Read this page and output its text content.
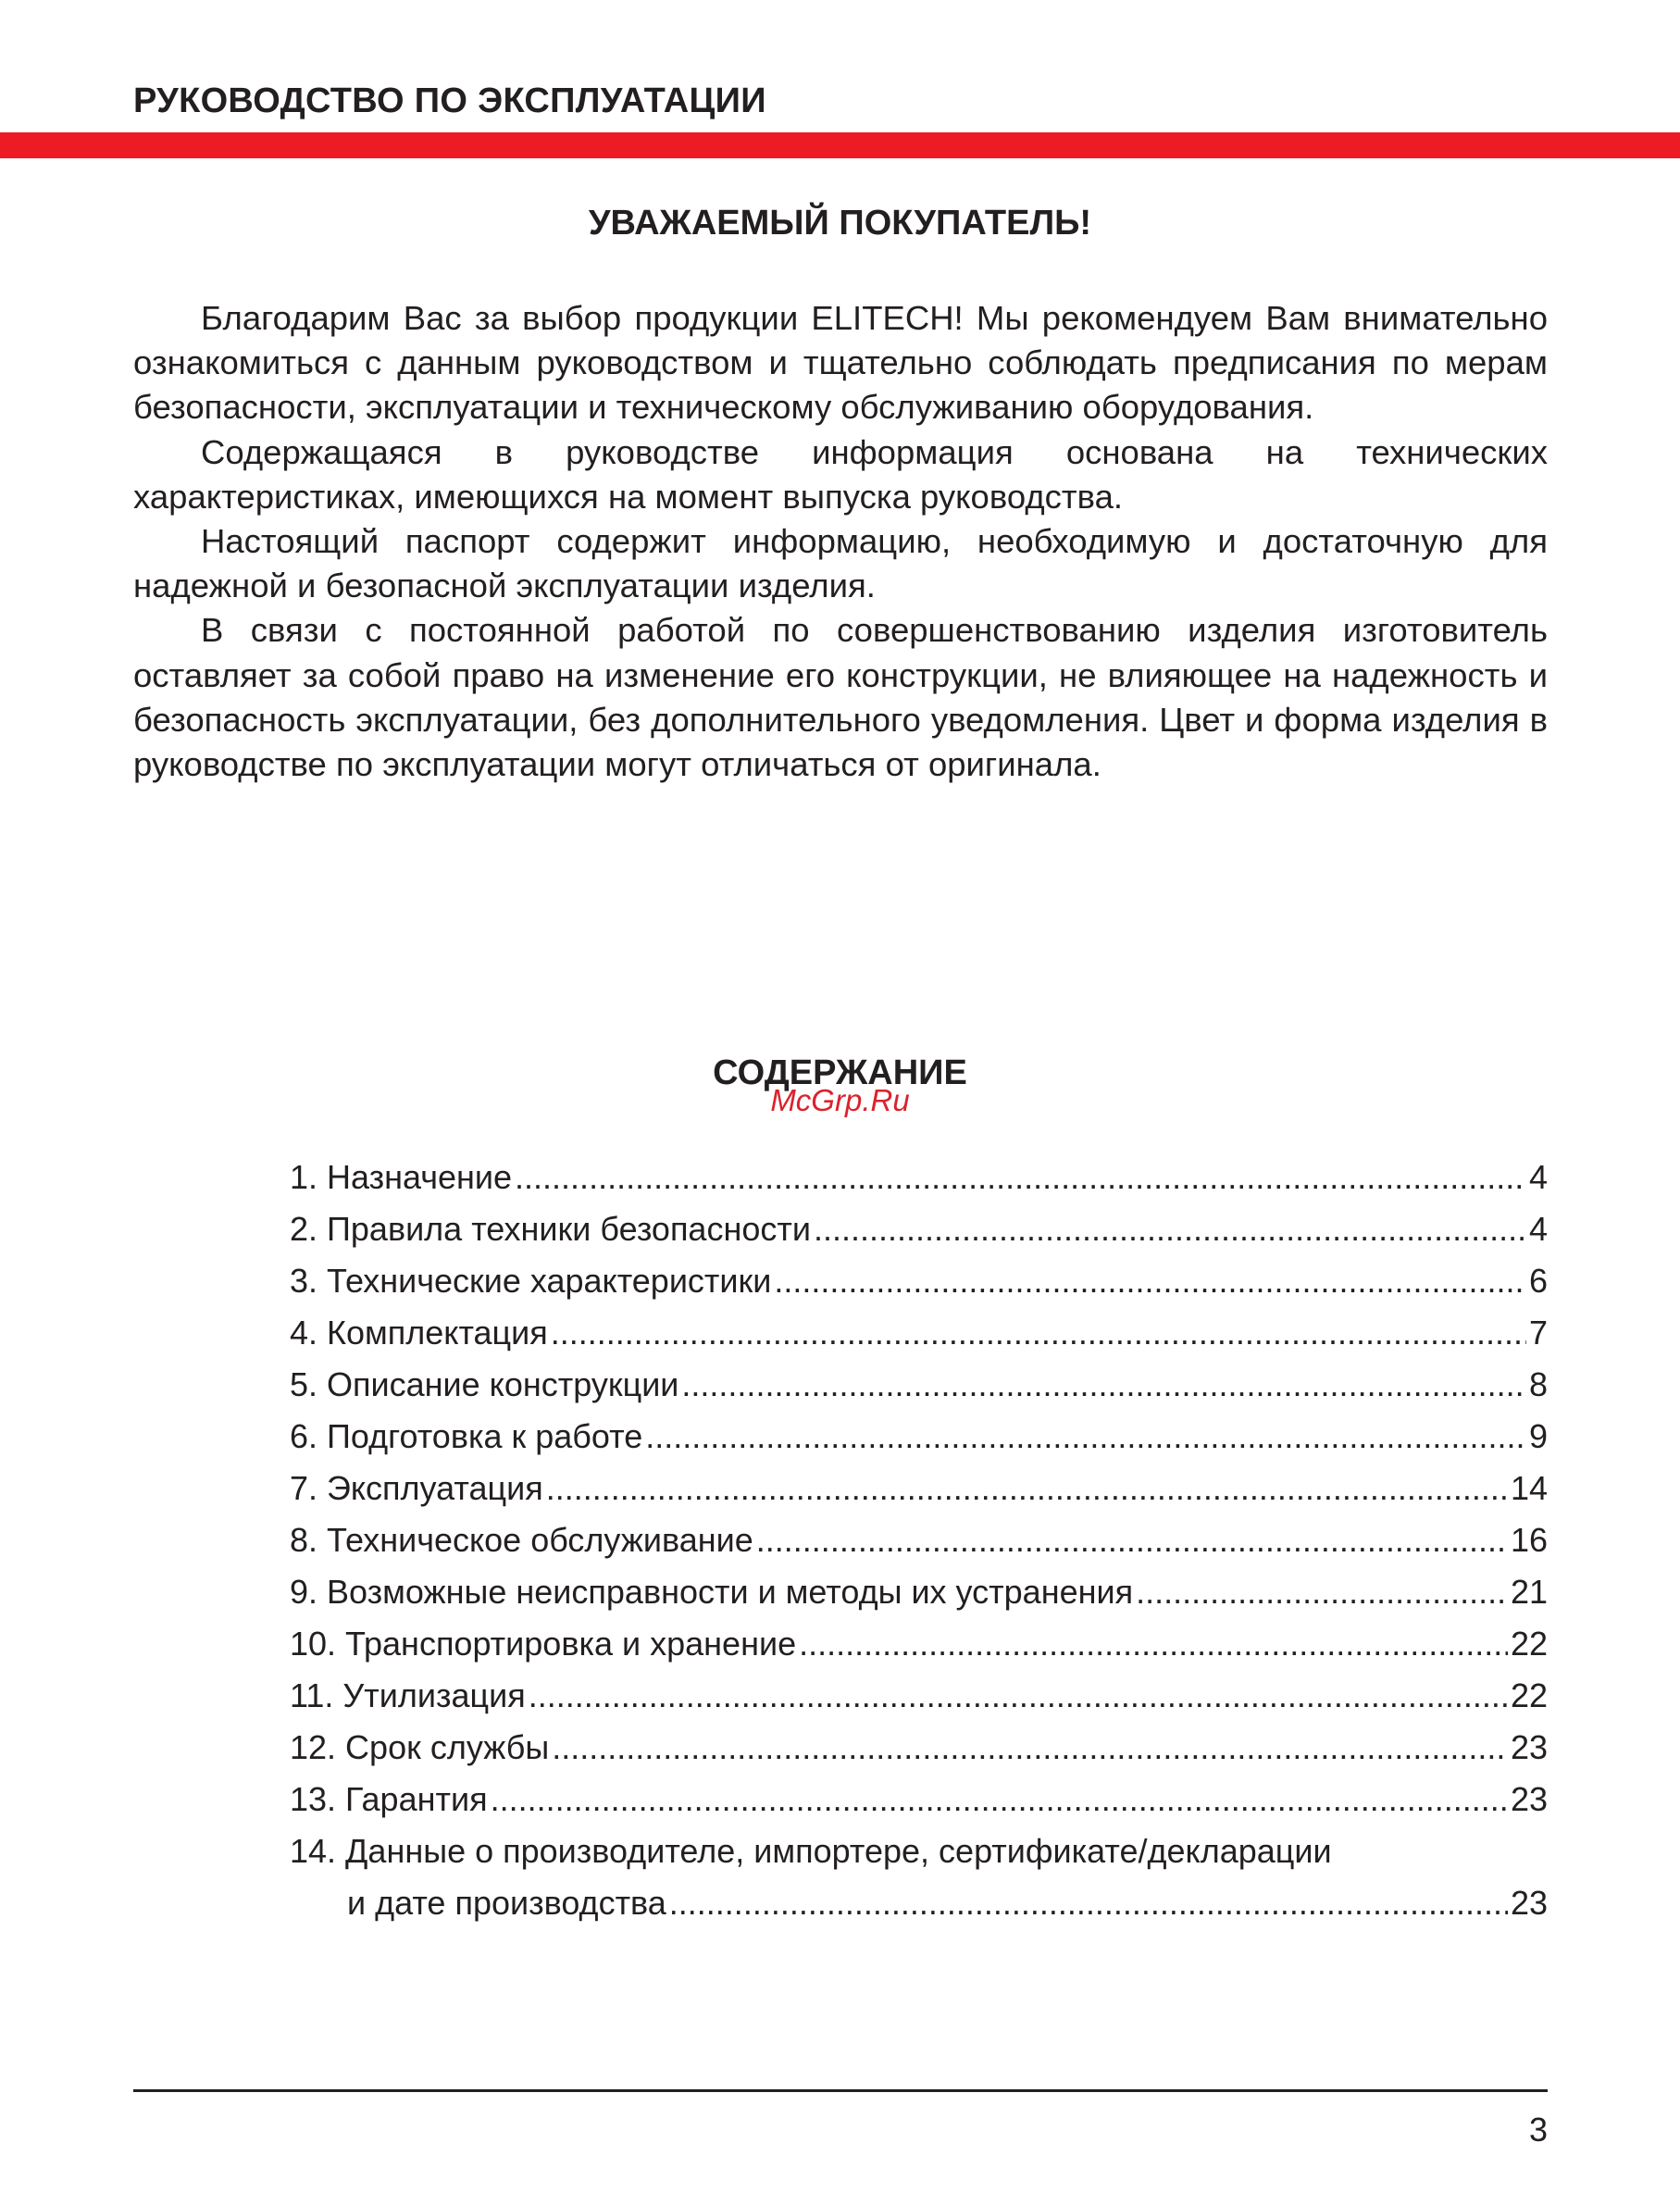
РУКОВОДСТВО ПО ЭКСПЛУАТАЦИИ
УВАЖАЕМЫЙ ПОКУПАТЕЛЬ!

Благодарим Вас за выбор продукции ELITECH! Мы рекомендуем Вам внимательно ознакомиться с данным руководством и тщательно соблюдать предписания по мерам безопасности, эксплуатации и техническому обслуживанию оборудования.

Содержащаяся в руководстве информация основана на технических характеристиках, имеющихся на момент выпуска руководства.

Настоящий паспорт содержит информацию, необходимую и достаточную для надежной и безопасной эксплуатации изделия.

В связи с постоянной работой по совершенствованию изделия изготовитель оставляет за собой право на изменение его конструкции, не влияющее на надежность и безопасность эксплуатации, без дополнительного уведомления. Цвет и форма изделия в руководстве по эксплуатации могут отличаться от оригинала.

СОДЕРЖАНИЕ
McGrp.Ru
1. Назначение .....	4
2. Правила техники безопасности .....	4
3. Технические характеристики .....	6
4. Комплектация .....	7
5. Описание конструкции .....	8
6. Подготовка к работе .....	9
7. Эксплуатация .....	14
8. Техническое обслуживание .....	16
9. Возможные неисправности и методы их устранения .....	21
10. Транспортировка и хранение .....	22
11. Утилизация .....	22
12. Срок службы .....	23
13. Гарантия .....	23
14. Данные о производителе, импортере, сертификате/декларации
и дате производства .....	23
3
